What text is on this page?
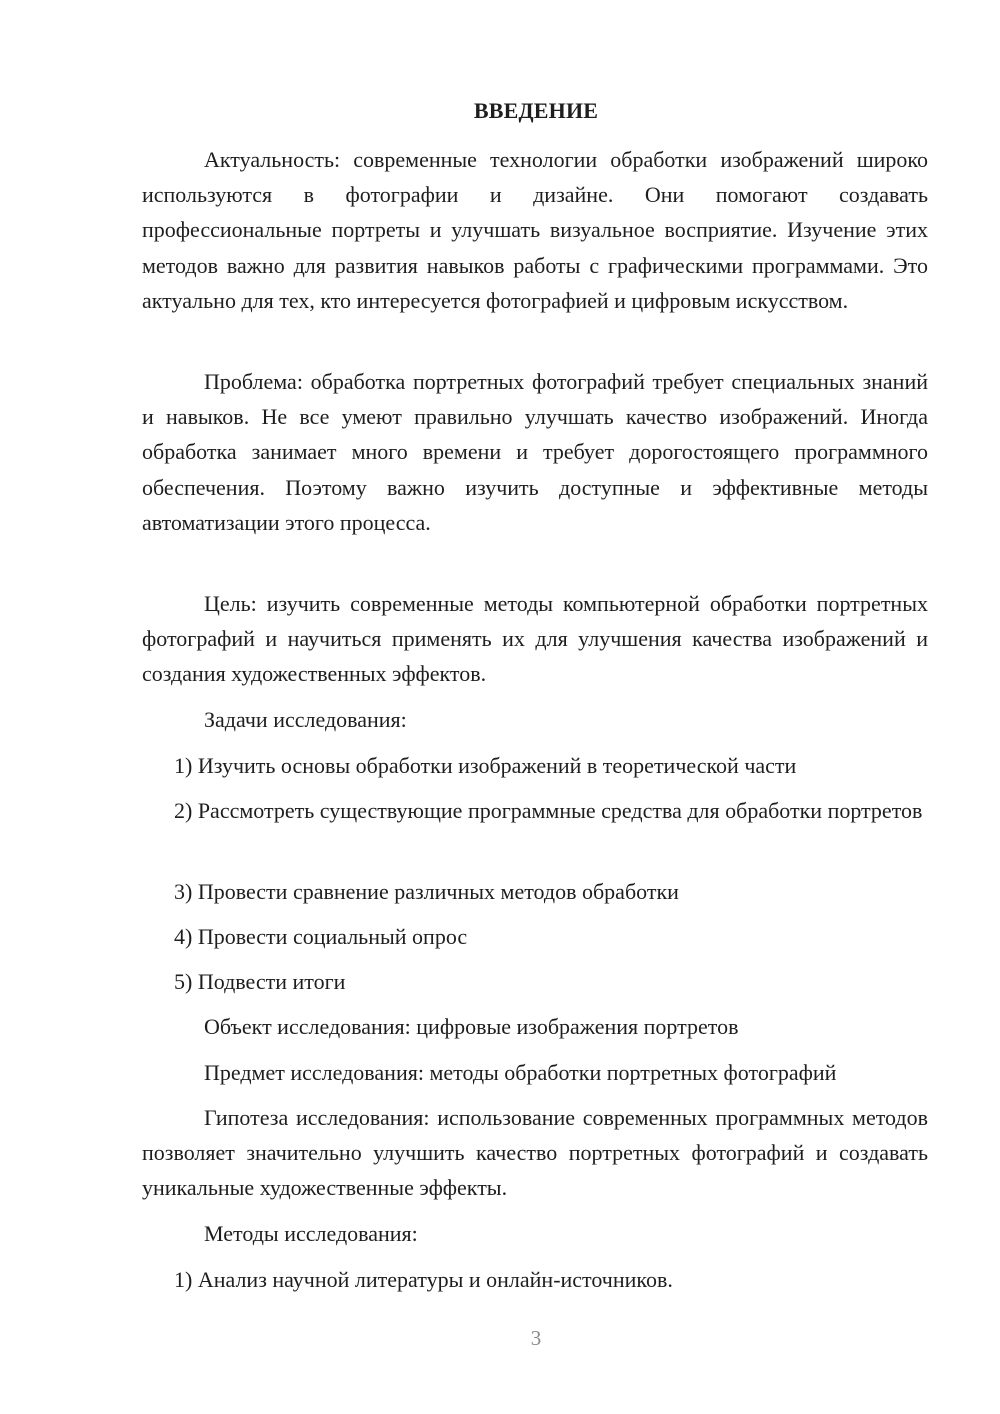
ВВЕДЕНИЕ

Актуальность: современные технологии обработки изображений широко используются в фотографии и дизайне. Они помогают создавать профессиональные портреты и улучшать визуальное восприятие. Изучение этих методов важно для развития навыков работы с графическими программами. Это актуально для тех, кто интересуется фотографией и цифровым искусством.

Проблема: обработка портретных фотографий требует специальных знаний и навыков. Не все умеют правильно улучшать качество изображений. Иногда обработка занимает много времени и требует дорогостоящего программного обеспечения. Поэтому важно изучить доступные и эффективные методы автоматизации этого процесса.

Цель: изучить современные методы компьютерной обработки портретных фотографий и научиться применять их для улучшения качества изображений и создания художественных эффектов.

Задачи исследования:

1) Изучить основы обработки изображений в теоретической части

2) Рассмотреть существующие программные средства для обработки портретов

3) Провести сравнение различных методов обработки

4) Провести социальный опрос

5) Подвести итоги

Объект исследования: цифровые изображения портретов

Предмет исследования: методы обработки портретных фотографий

Гипотеза исследования: использование современных программных методов позволяет значительно улучшить качество портретных фотографий и создавать уникальные художественные эффекты.

Методы исследования:

1) Анализ научной литературы и онлайн-источников.

3
